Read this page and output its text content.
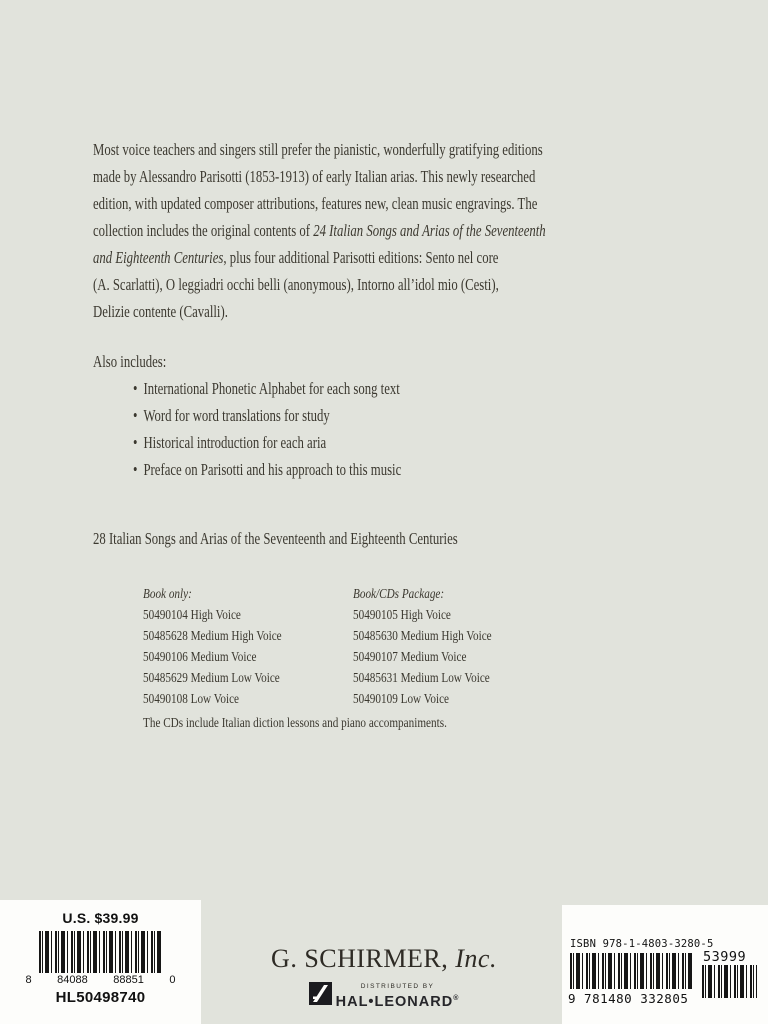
Most voice teachers and singers still prefer the pianistic, wonderfully gratifying editions
made by Alessandro Parisotti (1853-1913) of early Italian arias. This newly researched
edition, with updated composer attributions, features new, clean music engravings. The
collection includes the original contents of 24 Italian Songs and Arias of the Seventeenth
and Eighteenth Centuries, plus four additional Parisotti editions: Sento nel core
(A. Scarlatti), O leggiadri occhi belli (anonymous), Intorno all’idol mio (Cesti),
Delizie contente (Cavalli).
Also includes:
• International Phonetic Alphabet for each song text
• Word for word translations for study
• Historical introduction for each aria
• Preface on Parisotti and his approach to this music
28 Italian Songs and Arias of the Seventeenth and Eighteenth Centuries
Book only:
50490104 High Voice
50485628 Medium High Voice
50490106 Medium Voice
50485629 Medium Low Voice
50490108 Low Voice
Book/CDs Package:
50490105 High Voice
50485630 Medium High Voice
50490107 Medium Voice
50485631 Medium Low Voice
50490109 Low Voice
The CDs include Italian diction lessons and piano accompaniments.
U.S. $39.99
8 84088 88851 0
HL50498740
G. SCHIRMER, Inc.
DISTRIBUTED BY
HAL•LEONARD®
ISBN 978-1-4803-3280-5
9 781480 332805
53999
